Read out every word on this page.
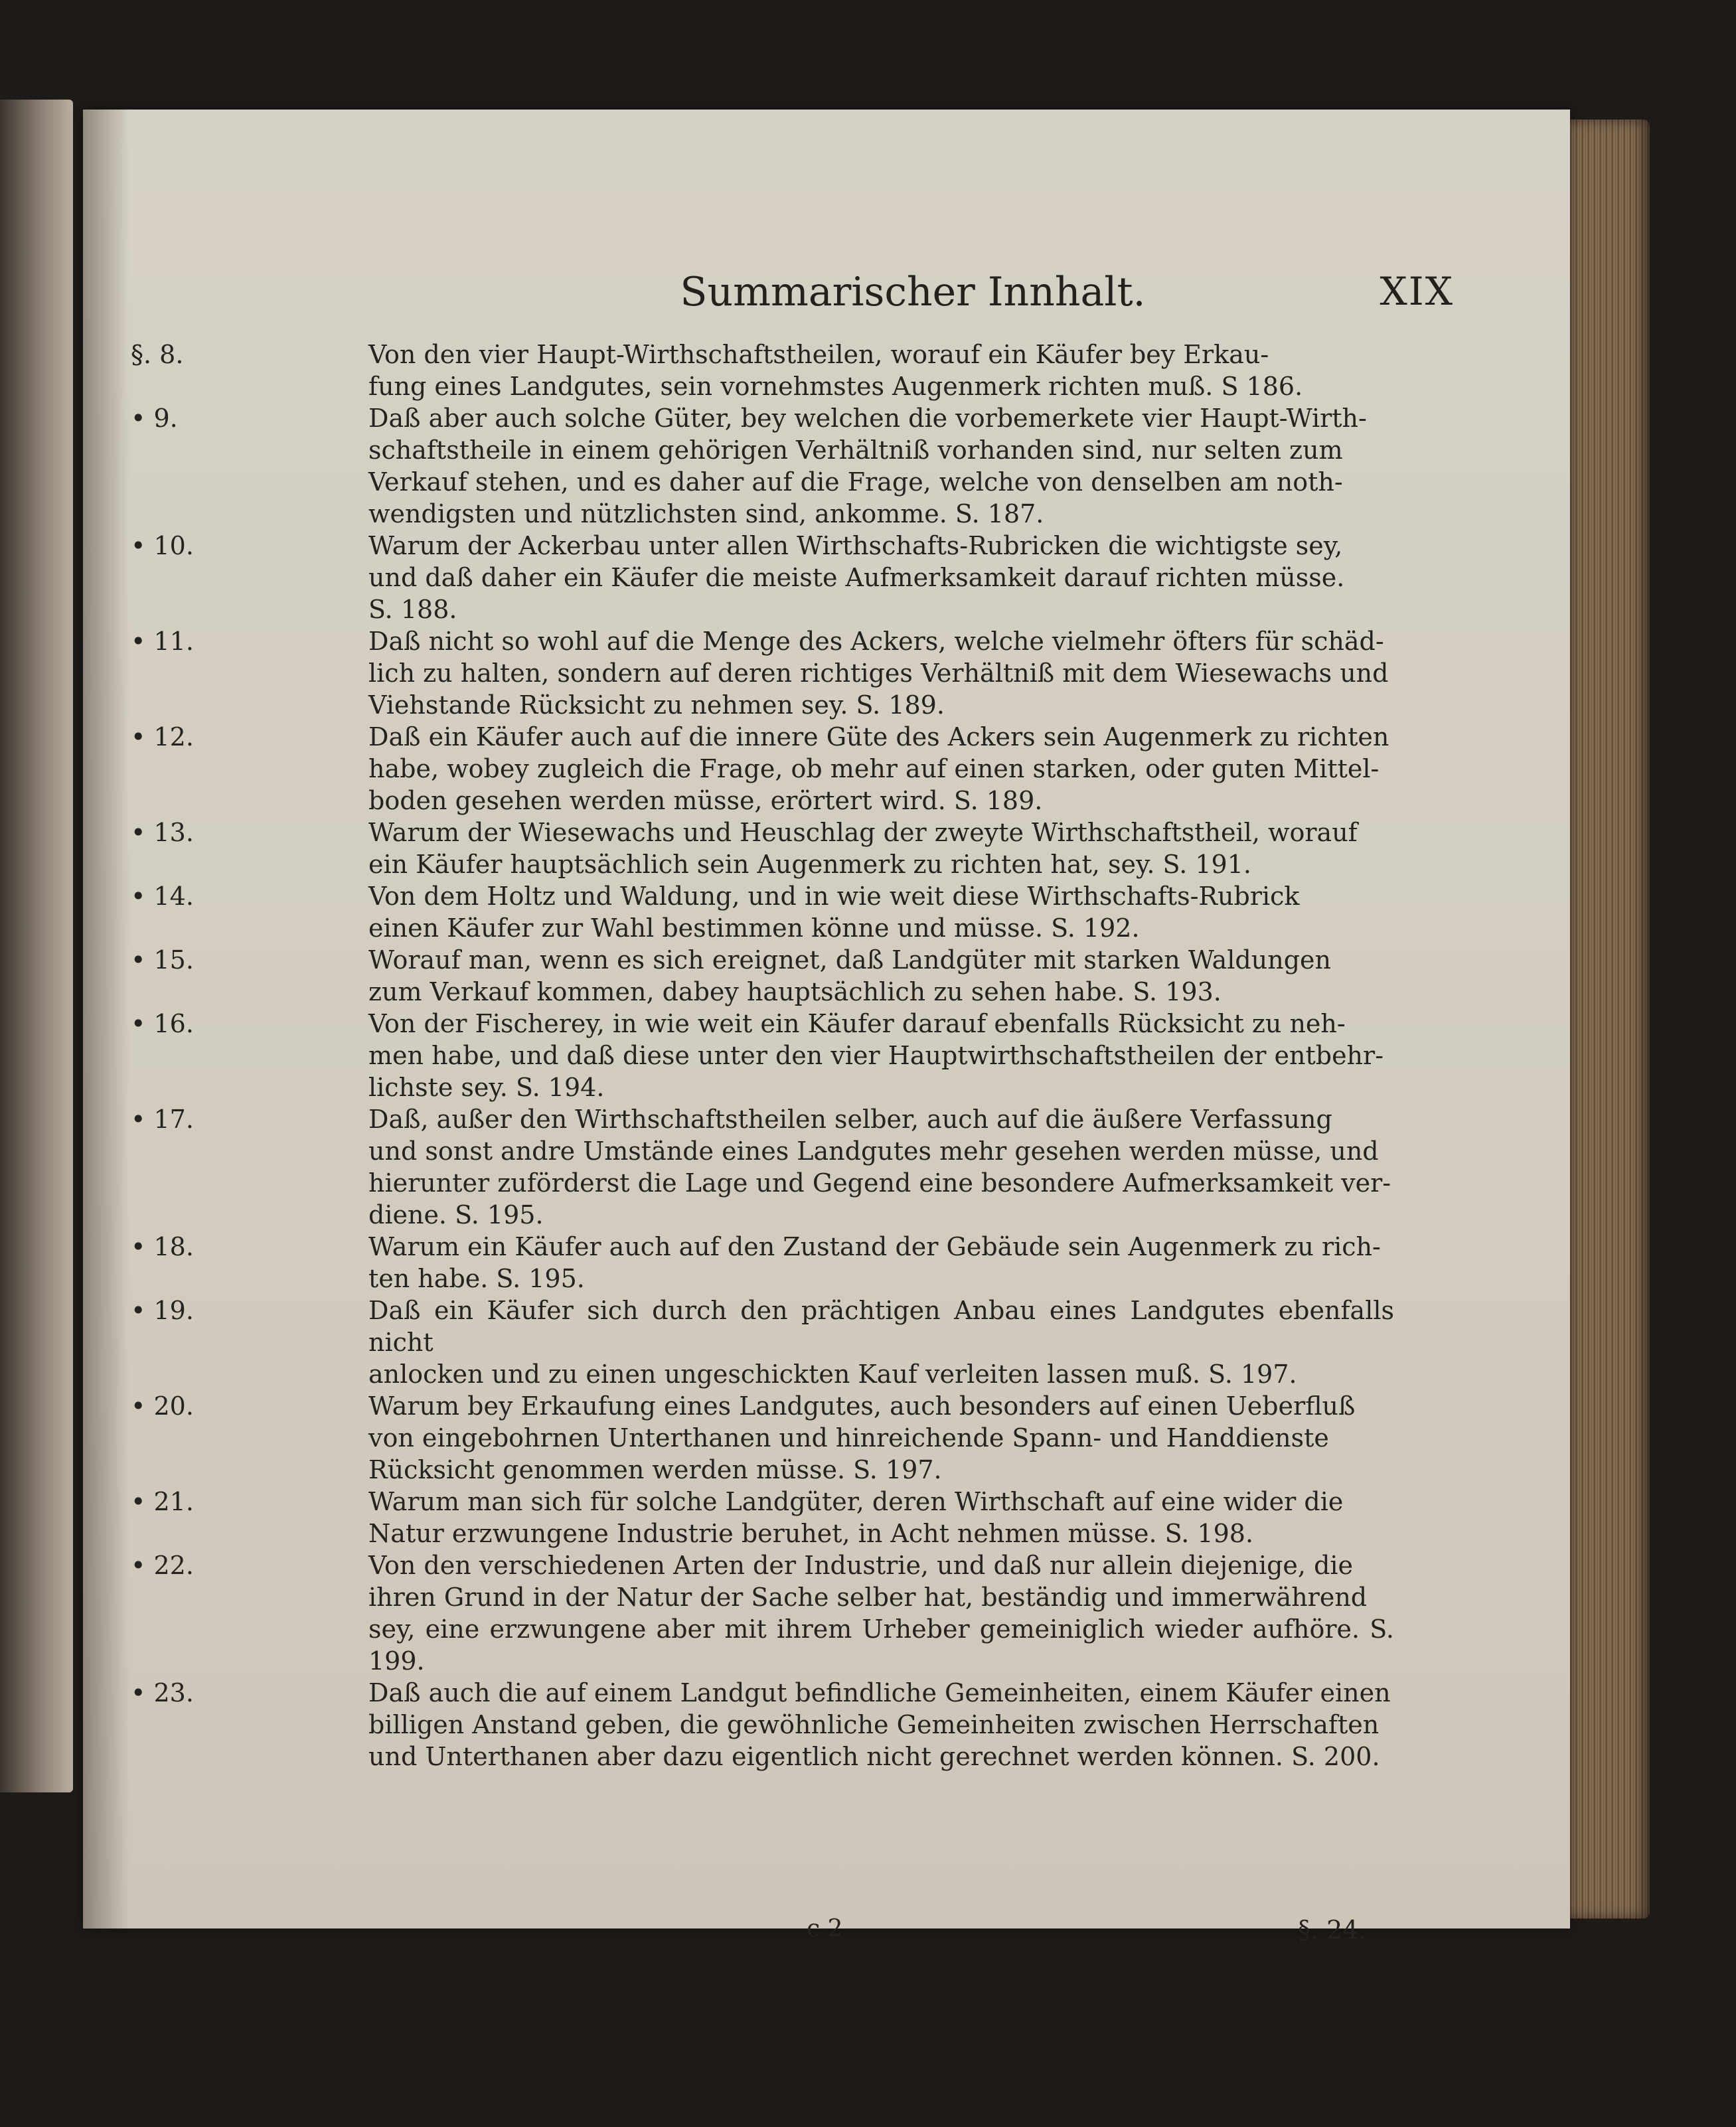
Summarischer Innhalt.	XIX
§. 8.	Von den vier Haupt-Wirthschaftstheilen, worauf ein Käufer bey Erkau-
fung eines Landgutes, sein vornehmstes Augenmerk richten muß. S 186.
• 9.	Daß aber auch solche Güter, bey welchen die vorbemerkete vier Haupt-Wirth-
schaftstheile in einem gehörigen Verhältniß vorhanden sind, nur selten zum
Verkauf stehen, und es daher auf die Frage, welche von denselben am noth-
wendigsten und nützlichsten sind, ankomme. S. 187.
• 10.	Warum der Ackerbau unter allen Wirthschafts-Rubricken die wichtigste sey,
und daß daher ein Käufer die meiste Aufmerksamkeit darauf richten müsse.
S. 188.
• 11.	Daß nicht so wohl auf die Menge des Ackers, welche vielmehr öfters für schäd-
lich zu halten, sondern auf deren richtiges Verhältniß mit dem Wiesewachs und
Viehstande Rücksicht zu nehmen sey. S. 189.
• 12.	Daß ein Käufer auch auf die innere Güte des Ackers sein Augenmerk zu richten
habe, wobey zugleich die Frage, ob mehr auf einen starken, oder guten Mittel-
boden gesehen werden müsse, erörtert wird. S. 189.
• 13.	Warum der Wiesewachs und Heuschlag der zweyte Wirthschaftstheil, worauf
ein Käufer hauptsächlich sein Augenmerk zu richten hat, sey. S. 191.
• 14.	Von dem Holtz und Waldung, und in wie weit diese Wirthschafts-Rubrick
einen Käufer zur Wahl bestimmen könne und müsse. S. 192.
• 15.	Worauf man, wenn es sich ereignet, daß Landgüter mit starken Waldungen
zum Verkauf kommen, dabey hauptsächlich zu sehen habe. S. 193.
• 16.	Von der Fischerey, in wie weit ein Käufer darauf ebenfalls Rücksicht zu neh-
men habe, und daß diese unter den vier Hauptwirthschaftstheilen der entbehr-
lichste sey. S. 194.
• 17.	Daß, außer den Wirthschaftstheilen selber, auch auf die äußere Verfassung
und sonst andre Umstände eines Landgutes mehr gesehen werden müsse, und
hierunter zuförderst die Lage und Gegend eine besondere Aufmerksamkeit ver-
diene. S. 195.
• 18.	Warum ein Käufer auch auf den Zustand der Gebäude sein Augenmerk zu rich-
ten habe. S. 195.
• 19.	Daß ein Käufer sich durch den prächtigen Anbau eines Landgutes ebenfalls nicht
anlocken und zu einen ungeschickten Kauf verleiten lassen muß. S. 197.
• 20.	Warum bey Erkaufung eines Landgutes, auch besonders auf einen Ueberfluß
von eingebohrnen Unterthanen und hinreichende Spann- und Handdienste
Rücksicht genommen werden müsse. S. 197.
• 21.	Warum man sich für solche Landgüter, deren Wirthschaft auf eine wider die
Natur erzwungene Industrie beruhet, in Acht nehmen müsse. S. 198.
• 22.	Von den verschiedenen Arten der Industrie, und daß nur allein diejenige, die
ihren Grund in der Natur der Sache selber hat, beständig und immerwährend
sey, eine erzwungene aber mit ihrem Urheber gemeiniglich wieder aufhöre. S. 199.
• 23.	Daß auch die auf einem Landgut befindliche Gemeinheiten, einem Käufer einen
billigen Anstand geben, die gewöhnliche Gemeinheiten zwischen Herrschaften
und Unterthanen aber dazu eigentlich nicht gerechnet werden können. S. 200.
c 2	§. 24.
